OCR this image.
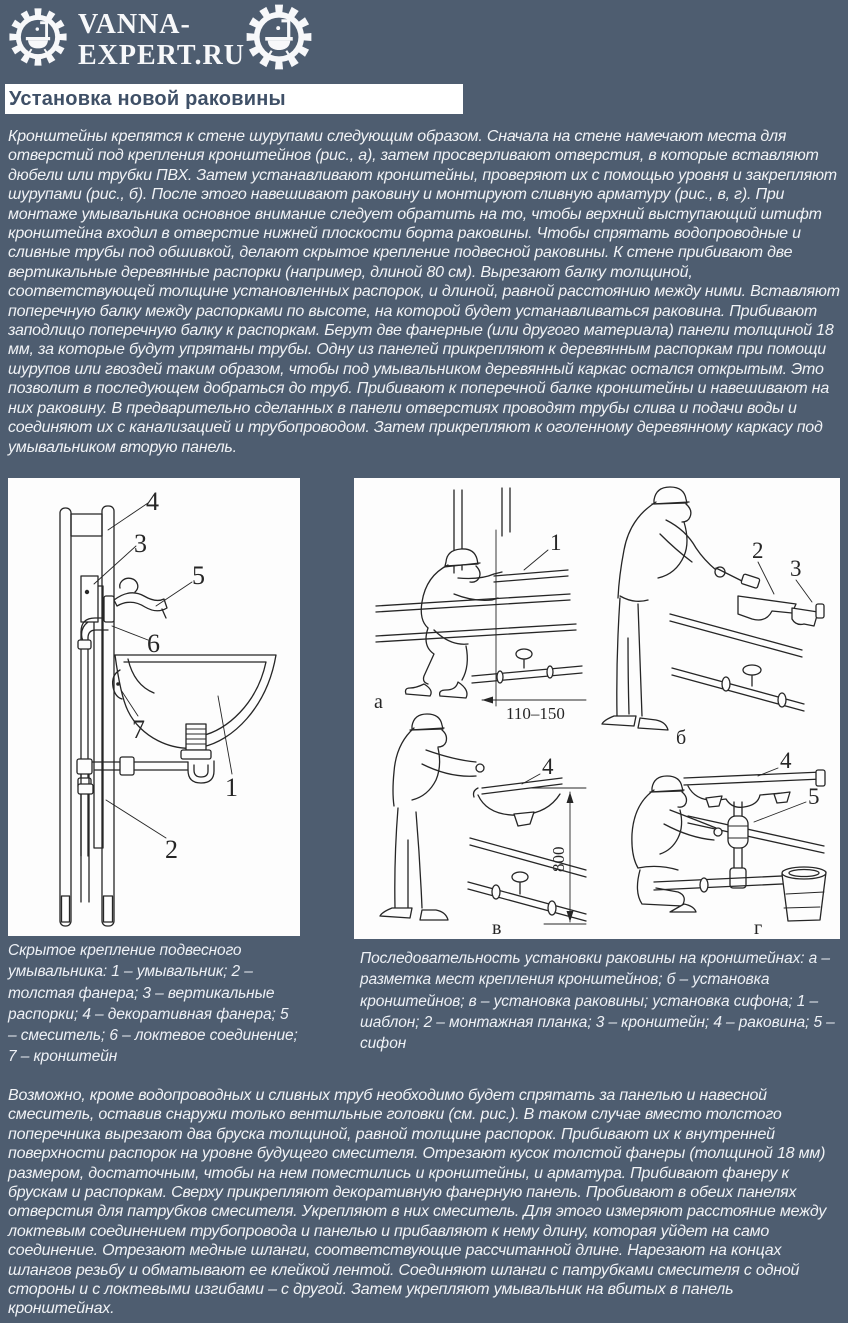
VANNA-
EXPERT.RU
Установка новой раковины
Кронштейны крепятся к стене шурупами следующим образом. Сначала на стене намечают места для отверстий под крепления кронштейнов (рис., а), затем просверливают отверстия, в которые вставляют дюбели или трубки ПВХ. Затем устанавливают кронштейны, проверяют их с помощью уровня и закрепляют шурупами (рис., б). После этого навешивают раковину и монтируют сливную арматуру (рис., в, г). При монтаже умывальника основное внимание следует обратить на то, чтобы верхний выступающий штифт кронштейна входил в отверстие нижней плоскости борта раковины. Чтобы спрятать водопроводные и сливные трубы под обшивкой, делают скрытое крепление подвесной раковины. К стене прибивают две вертикальные деревянные распорки (например, длиной 80 см). Вырезают балку толщиной, соответствующей толщине установленных распорок, и длиной, равной расстоянию между ними. Вставляют поперечную балку между распорками по высоте, на которой будет устанавливаться раковина. Прибивают заподлицо поперечную балку к распоркам. Берут две фанерные (или другого материала) панели толщиной 18 мм, за которые будут упрятаны трубы. Одну из панелей прикрепляют к деревянным распоркам при помощи шурупов или гвоздей таким образом, чтобы под умывальником деревянный каркас остался открытым. Это позволит в последующем добраться до труб. Прибивают к поперечной балке кронштейны и навешивают на них раковину. В предварительно сделанных в панели отверстиях проводят трубы слива и подачи воды и соединяют их с канализацией и трубопроводом. Затем прикрепляют к оголенному деревянному каркасу под умывальником вторую панель.
4
3
5
6
7
1
2
1
110–150
а
2
3
б
4
800
в
4
5
г
Скрытое крепление подвесного умывальника: 1 – умывальник; 2 – толстая фанера; 3 – вертикальные распорки; 4 – декоративная фанера; 5 – смеситель; 6 – локтевое соединение; 7 – кронштейн
Последовательность установки раковины на кронштейнах: а – разметка мест крепления кронштейнов; б – установка кронштейнов; в – установка раковины; установка сифона; 1 – шаблон; 2 – монтажная планка; 3 – кронштейн; 4 – раковина; 5 – сифон
Возможно, кроме водопроводных и сливных труб необходимо будет спрятать за панелью и навесной смеситель, оставив снаружи только вентильные головки (см. рис.). В таком случае вместо толстого поперечника вырезают два бруска толщиной, равной толщине распорок. Прибивают их к внутренней поверхности распорок на уровне будущего смесителя. Отрезают кусок толстой фанеры (толщиной 18 мм) размером, достаточным, чтобы на нем поместились и кронштейны, и арматура. Прибивают фанеру к брускам и распоркам. Сверху прикрепляют декоративную фанерную панель. Пробивают в обеих панелях отверстия для патрубков смесителя. Укрепляют в них смеситель. Для этого измеряют расстояние между локтевым соединением трубопровода и панелью и прибавляют к нему длину, которая уйдет на само соединение. Отрезают медные шланги, соответствующие рассчитанной длине. Нарезают на концах шлангов резьбу и обматывают ее клейкой лентой. Соединяют шланги с патрубками смесителя с одной стороны и с локтевыми изгибами – с другой. Затем укрепляют умывальник на вбитых в панель кронштейнах.
